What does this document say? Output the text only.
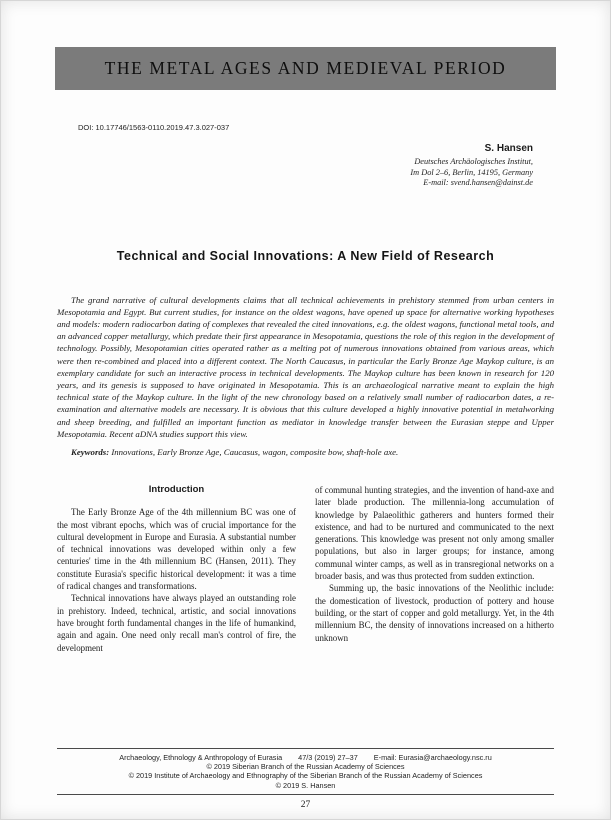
THE METAL AGES AND MEDIEVAL PERIOD
DOI: 10.17746/1563-0110.2019.47.3.027-037
S. Hansen
Deutsches Archäologisches Institut,
Im Dol 2–6, Berlin, 14195, Germany
E-mail: svend.hansen@dainst.de
Technical and Social Innovations: A New Field of Research

The grand narrative of cultural developments claims that all technical achievements in prehistory stemmed from urban centers in Mesopotamia and Egypt. But current studies, for instance on the oldest wagons, have opened up space for alternative working hypotheses and models: modern radiocarbon dating of complexes that revealed the cited innovations, e.g. the oldest wagons, functional metal tools, and an advanced copper metallurgy, which predate their first appearance in Mesopotamia, questions the role of this region in the development of technology. Possibly, Mesopotamian cities operated rather as a melting pot of numerous innovations obtained from various areas, which were then re-combined and placed into a different context. The North Caucasus, in particular the Early Bronze Age Maykop culture, is an exemplary candidate for such an interactive process in technical developments. The Maykop culture has been known in research for 120 years, and its genesis is supposed to have originated in Mesopotamia. This is an archaeological narrative meant to explain the high technical state of the Maykop culture. In the light of the new chronology based on a relatively small number of radiocarbon dates, a re-examination and alternative models are necessary. It is obvious that this culture developed a highly innovative potential in metalworking and sheep breeding, and fulfilled an important function as mediator in knowledge transfer between the Eurasian steppe and Upper Mesopotamia. Recent aDNA studies support this view.

Keywords: Innovations, Early Bronze Age, Caucasus, wagon, composite bow, shaft-hole axe.

Introduction

The Early Bronze Age of the 4th millennium BC was one of the most vibrant epochs, which was of crucial importance for the cultural development in Europe and Eurasia. A substantial number of technical innovations was developed within only a few centuries' time in the 4th millennium BC (Hansen, 2011). They constitute Eurasia's specific historical development: it was a time of radical changes and transformations.

Technical innovations have always played an outstanding role in prehistory. Indeed, technical, artistic, and social innovations have brought forth fundamental changes in the life of humankind, again and again. One need only recall man's control of fire, the development

of communal hunting strategies, and the invention of hand-axe and later blade production. The millennia-long accumulation of knowledge by Palaeolithic gatherers and hunters formed their existence, and had to be nurtured and communicated to the next generations. This knowledge was present not only among smaller populations, but also in larger groups; for instance, among communal winter camps, as well as in transregional networks on a broader basis, and was thus protected from sudden extinction.

Summing up, the basic innovations of the Neolithic include: the domestication of livestock, production of pottery and house building, or the start of copper and gold metallurgy. Yet, in the 4th millennium BC, the density of innovations increased on a hitherto unknown

Archaeology, Ethnology & Anthropology of Eurasia 47/3 (2019) 27–37 E-mail: Eurasia@archaeology.nsc.ru
© 2019 Siberian Branch of the Russian Academy of Sciences
© 2019 Institute of Archaeology and Ethnography of the Siberian Branch of the Russian Academy of Sciences
© 2019 S. Hansen
27
